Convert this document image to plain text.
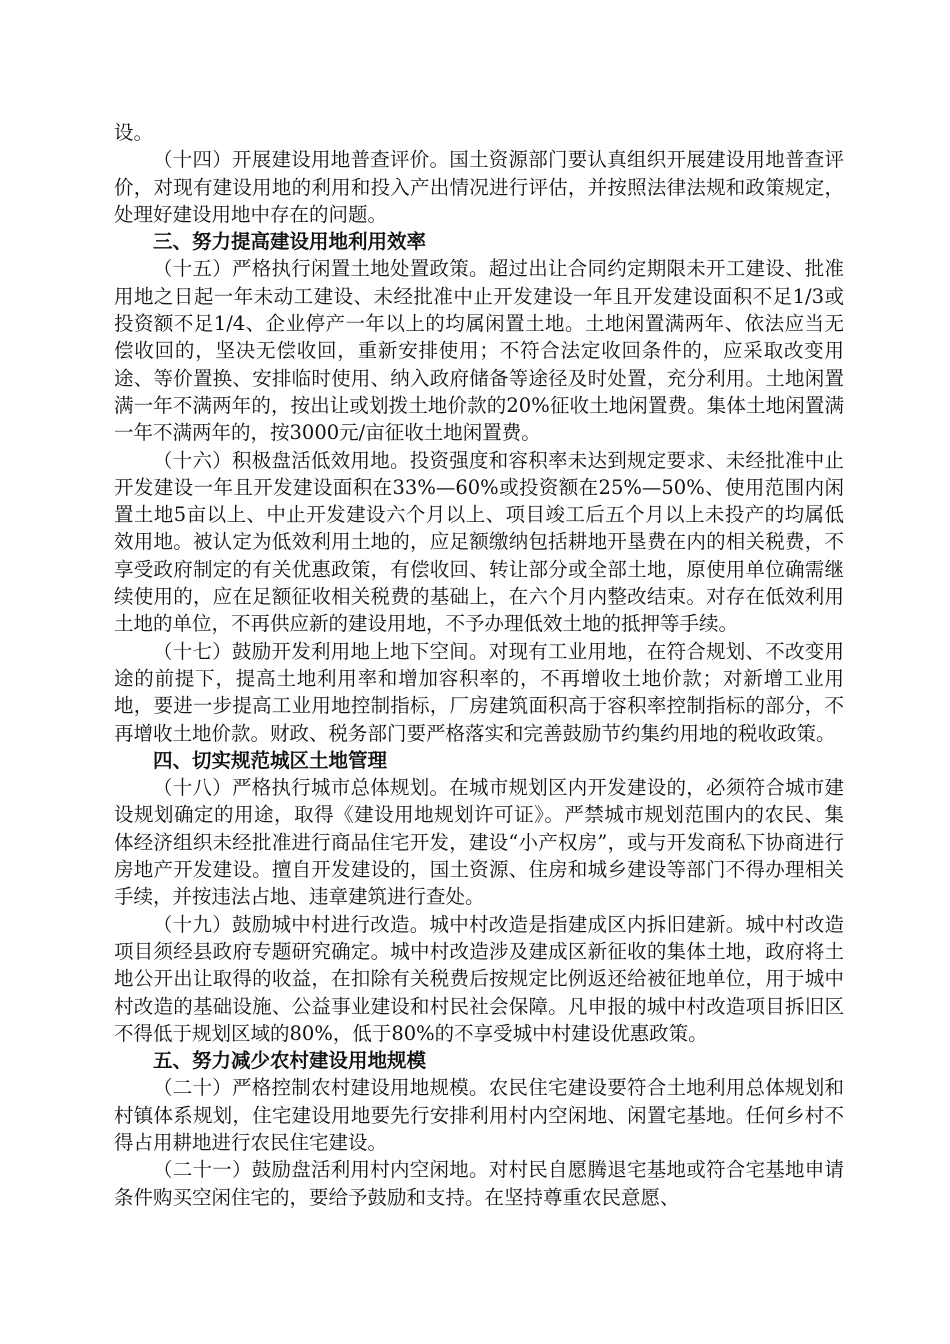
设。

（十四）开展建设用地普查评价。国土资源部门要认真组织开展建设用地普查评价，对现有建设用地的利用和投入产出情况进行评估，并按照法律法规和政策规定，处理好建设用地中存在的问题。

三、努力提高建设用地利用效率

（十五）严格执行闲置土地处置政策。超过出让合同约定期限未开工建设、批准用地之日起一年未动工建设、未经批准中止开发建设一年且开发建设面积不足1/3或投资额不足1/4、企业停产一年以上的均属闲置土地。土地闲置满两年、依法应当无偿收回的，坚决无偿收回，重新安排使用；不符合法定收回条件的，应采取改变用途、等价置换、安排临时使用、纳入政府储备等途径及时处置，充分利用。土地闲置满一年不满两年的，按出让或划拨土地价款的20%征收土地闲置费。集体土地闲置满一年不满两年的，按3000元/亩征收土地闲置费。

（十六）积极盘活低效用地。投资强度和容积率未达到规定要求、未经批准中止开发建设一年且开发建设面积在33%—60%或投资额在25%—50%、使用范围内闲置土地5亩以上、中止开发建设六个月以上、项目竣工后五个月以上未投产的均属低效用地。被认定为低效利用土地的，应足额缴纳包括耕地开垦费在内的相关税费，不享受政府制定的有关优惠政策，有偿收回、转让部分或全部土地，原使用单位确需继续使用的，应在足额征收相关税费的基础上，在六个月内整改结束。对存在低效利用土地的单位，不再供应新的建设用地，不予办理低效土地的抵押等手续。

（十七）鼓励开发利用地上地下空间。对现有工业用地，在符合规划、不改变用途的前提下，提高土地利用率和增加容积率的，不再增收土地价款；对新增工业用地，要进一步提高工业用地控制指标，厂房建筑面积高于容积率控制指标的部分，不再增收土地价款。财政、税务部门要严格落实和完善鼓励节约集约用地的税收政策。

四、切实规范城区土地管理

（十八）严格执行城市总体规划。在城市规划区内开发建设的，必须符合城市建设规划确定的用途，取得《建设用地规划许可证》。严禁城市规划范围内的农民、集体经济组织未经批准进行商品住宅开发，建设“小产权房”，或与开发商私下协商进行房地产开发建设。擅自开发建设的，国土资源、住房和城乡建设等部门不得办理相关手续，并按违法占地、违章建筑进行查处。

（十九）鼓励城中村进行改造。城中村改造是指建成区内拆旧建新。城中村改造项目须经县政府专题研究确定。城中村改造涉及建成区新征收的集体土地，政府将土地公开出让取得的收益，在扣除有关税费后按规定比例返还给被征地单位，用于城中村改造的基础设施、公益事业建设和村民社会保障。凡申报的城中村改造项目拆旧区不得低于规划区域的80%，低于80%的不享受城中村建设优惠政策。

五、努力减少农村建设用地规模

（二十）严格控制农村建设用地规模。农民住宅建设要符合土地利用总体规划和村镇体系规划，住宅建设用地要先行安排利用村内空闲地、闲置宅基地。任何乡村不得占用耕地进行农民住宅建设。

（二十一）鼓励盘活利用村内空闲地。对村民自愿腾退宅基地或符合宅基地申请条件购买空闲住宅的，要给予鼓励和支持。在坚持尊重农民意愿、
